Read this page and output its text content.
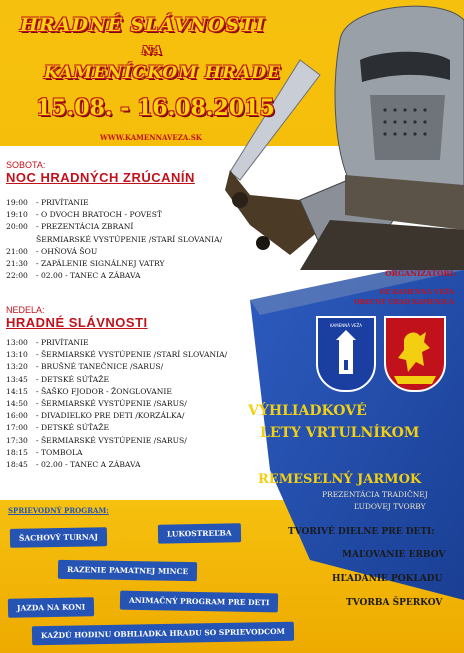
HRADNÉ SLÁVNOSTI
NA
KAMENÍCKOM HRADE
15.08. - 16.08.2015
WWW.KAMENNAVEZA.SK
SOBOTA:
NOC HRADNÝCH ZRÚCANÍN
19:00 - PRIVÍTANIE
19:10 - O DVOCH BRATOCH - POVESŤ
20:00 - PREZENTÁCIA ZBRANÍ
ŠERMIARSKÉ VYSTÚPENIE /STARÍ SLOVANIA/
21:00 - OHŇOVÁ ŠOU
21:30 - ZAPÁLENIE SIGNÁLNEJ VATRY
22:00 - 02.00 - TANEC A ZÁBAVA
NEDELA:
HRADNÉ SLÁVNOSTI
13:00 - PRIVÍTANIE
13:10 - ŠERMIARSKÉ VYSTÚPENIE /STARÍ SLOVANIA/
13:20 - BRUŠNÉ TANEČNICE /SARUS/
13:45 - DETSKÉ SÚŤAŽE
14:15 - ŠAŠKO FJODOR - ŽONGLOVANIE
14:50 - ŠERMIARSKÉ VYSTÚPENIE /SARUS/
16:00 - DIVADIELKO PRE DETI /KORZÁLKA/
17:00 - DETSKÉ SÚŤAŽE
17:30 - ŠERMIARSKÉ VYSTÚPENIE /SARUS/
18:15 - TOMBOLA
18:45 - 02.00 - TANEC A ZÁBAVA
ORGANIZÁTORI:
OZ KAMENNÁ VEŽA
OBECNÝ ÚRAD KAMENICA
KAMENNÁ VEŽA
VÝHLIADKOVÉ
LETY VRTULNÍKOM
REMESELNÝ JARMOK
PREZENTÁCIA TRADIČNEJ
ĽUDOVEJ TVORBY
TVORIVÉ DIELNE PRE DETI:
MAĽOVANIE ERBOV
HĽADANIE POKLADU
TVORBA ŠPERKOV
SPRIEVODNÝ PROGRAM:
ŠACHOVÝ TURNAJ	LUKOSTREĽBA
RAZENIE PAMATNEJ MINCE
JAZDA NA KONI
ANIMAČNÝ PROGRAM PRE DETI
KAŽDÚ HODINU OBHLIADKA HRADU SO SPRIEVODCOM
